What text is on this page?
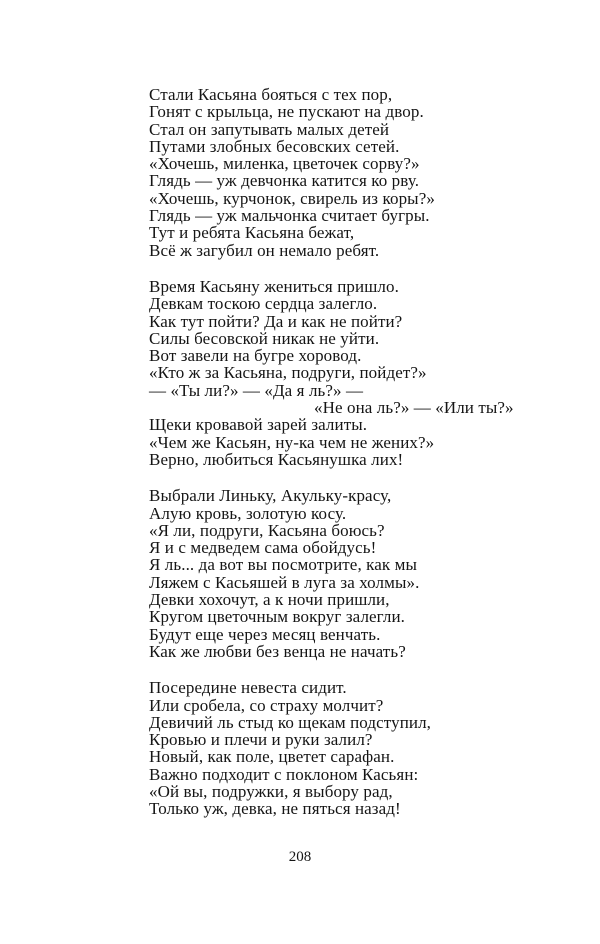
Стали Касьяна бояться с тех пор,
Гонят с крыльца, не пускают на двор.
Стал он запутывать малых детей
Путами злобных бесовских сетей.
«Хочешь, миленка, цветочек сорву?»
Глядь — уж девчонка катится ко рву.
«Хочешь, курчонок, свирель из коры?»
Глядь — уж мальчонка считает бугры.
Тут и ребята Касьяна бежат,
Всё ж загубил он немало ребят.
Время Касьяну жениться пришло.
Девкам тоскою сердца залегло.
Как тут пойти? Да и как не пойти?
Силы бесовской никак не уйти.
Вот завели на бугре хоровод.
«Кто ж за Касьяна, подруги, пойдет?»
— «Ты ли?» — «Да я ль?» —
«Не она ль?» — «Или ты?»
Щеки кровавой зарей залиты.
«Чем же Касьян, ну-ка чем не жених?»
Верно, любиться Касьянушка лих!
Выбрали Линьку, Акульку-красу,
Алую кровь, золотую косу.
«Я ли, подруги, Касьяна боюсь?
Я и с медведем сама обойдусь!
Я ль... да вот вы посмотрите, как мы
Ляжем с Касьяшей в луга за холмы».
Девки хохочут, а к ночи пришли,
Кругом цветочным вокруг залегли.
Будут еще через месяц венчать.
Как же любви без венца не начать?
Посередине невеста сидит.
Или сробела, со страху молчит?
Девичий ль стыд ко щекам подступил,
Кровью и плечи и руки залил?
Новый, как поле, цветет сарафан.
Важно подходит с поклоном Касьян:
«Ой вы, подружки, я выбору рад,
Только уж, девка, не пяться назад!
208
